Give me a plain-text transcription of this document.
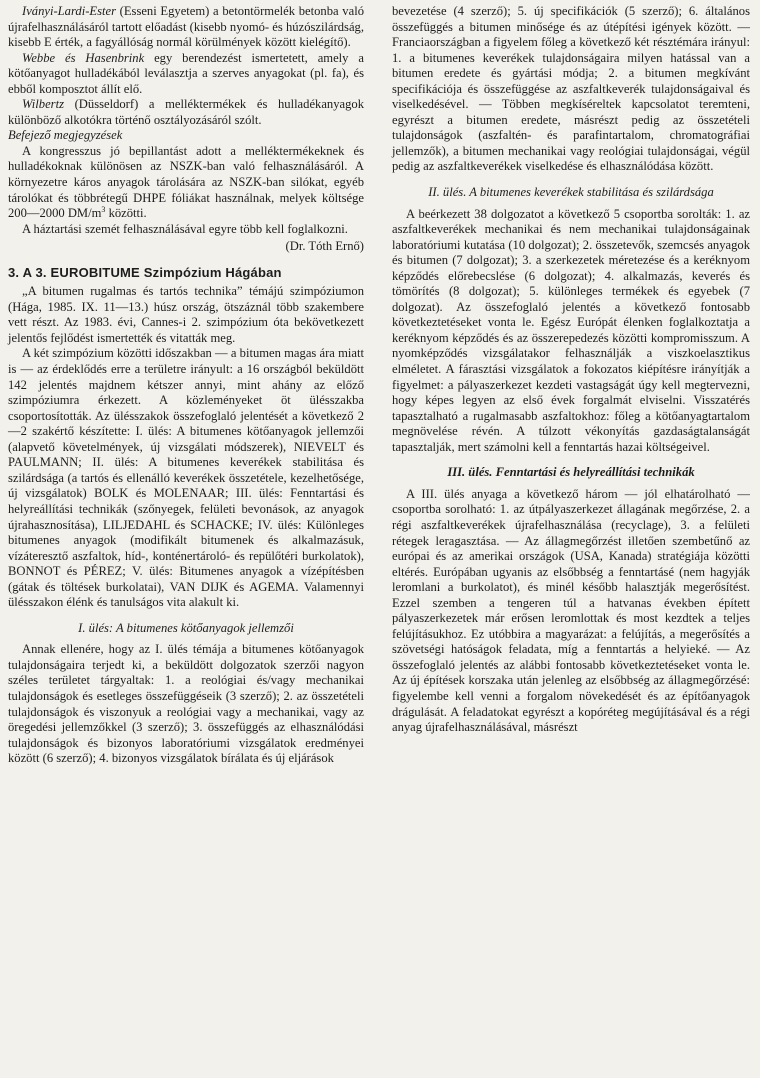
Iványi-Lardi-Ester (Esseni Egyetem) a betontörmelék betonba való újrafelhasználásáról tartott előadást (kisebb nyomó- és húzószilárdság, kisebb E érték, a fagyállóság normál körülmények között kielégítő).

Webbe és Hasenbrink egy berendezést ismertetett, amely a kötőanyagot hulladékából leválasztja a szerves anyagokat (pl. fa), és ebből komposztot állít elő.

Wilbertz (Düsseldorf) a melléktermékek és hulladékanyagok különböző alkotókra történő osztályozásáról szólt.

Befejező megjegyzések

A kongresszus jó bepillantást adott a melléktermékeknek és hulladékoknak különösen az NSZK-ban való felhasználásáról. A környezetre káros anyagok tárolására az NSZK-ban silókat, egyéb tárolókat és többrétegű DHPE fóliákat használnak, melyek költsége 200—2000 $DM/m^3$ közötti.

A háztartási szemét felhasználásával egyre több kell foglalkozni.

(Dr. Tóth Ernő)
3. A 3. EUROBITUME Szimpózium Hágában

„A bitumen rugalmas és tartós technika” témájú szimpóziumon (Hága, 1985. IX. 11—13.) húsz ország, ötszáznál több szakembere vett részt. Az 1983. évi, Cannes-i 2. szimpózium óta bekövetkezett jelentős fejlődést ismertették és vitatták meg.

A két szimpózium közötti időszakban — a bitumen magas ára miatt is — az érdeklődés erre a területre irányult: a 16 országból beküldött 142 jelentés majdnem kétszer annyi, mint ahány az előző szimpóziumra érkezett. A közleményeket öt ülésszakba csoportosították. Az ülésszakok összefoglaló jelentését a következő 2—2 szakértő készítette: I. ülés: A bitumenes kötőanyagok jellemzői (alapvető követelmények, új vizsgálati módszerek), NIEVELT és PAULMANN; II. ülés: A bitumenes keverékek stabilitása és szilárdsága (a tartós és ellenálló keverékek összetétele, kezelhetősége, új vizsgálatok) BOLK és MOLENAAR; III. ülés: Fenntartási és helyreállítási technikák (szőnyegek, felületi bevonások, az anyagok újrahasznosítása), LILJEDAHL és SCHACKE; IV. ülés: Különleges bitumenes anyagok (modifikált bitumenek és alkalmazásuk, vízáteresztő aszfaltok, híd-, konténertároló- és repülőtéri burkolatok), BONNOT és PÉREZ; V. ülés: Bitumenes anyagok a vízépítésben (gátak és töltések burkolatai), VAN DIJK és AGEMA. Valamennyi ülésszakon élénk és tanulságos vita alakult ki.

I. ülés: A bitumenes kötőanyagok jellemzői

Annak ellenére, hogy az I. ülés témája a bitumenes kötőanyagok tulajdonságaira terjedt ki, a beküldött dolgozatok szerzői nagyon széles területet tárgyaltak: 1. a reológiai és/vagy mechanikai tulajdonságok és esetleges összefüggéseik (3 szerző); 2. az összetételi tulajdonságok és viszonyuk a reológiai vagy a mechanikai, vagy az öregedési jellemzőkkel (3 szerző); 3. összefüggés az elhasználódási tulajdonságok és bizonyos laboratóriumi vizsgálatok eredményei között (6 szerző); 4. bizonyos vizsgálatok bírálata és új eljárások

bevezetése (4 szerző); 5. új specifikációk (5 szerző); 6. általános összefüggés a bitumen minősége és az útépítési igények között. — Franciaországban a figyelem főleg a következő két résztémára irányul: 1. a bitumenes keverékek tulajdonságaira milyen hatással van a bitumen eredete és gyártási módja; 2. a bitumen megkívánt specifikációja és összefüggése az aszfaltkeverék tulajdonságaival és viselkedésével. — Többen megkíséreltek kapcsolatot teremteni, egyrészt a bitumen eredete, másrészt pedig az összetételi tulajdonságok (aszfaltén- és parafintartalom, chromatográfiai jellemzők), a bitumen mechanikai vagy reológiai tulajdonságai, végül pedig az aszfaltkeverékek viselkedése és elhasználódása között.

II. ülés. A bitumenes keverékek stabilitása és szilárdsága

A beérkezett 38 dolgozatot a következő 5 csoportba sorolták: 1. az aszfaltkeverékek mechanikai és nem mechanikai tulajdonságainak laboratóriumi kutatása (10 dolgozat); 2. összetevők, szemcsés anyagok és bitumen (7 dolgozat); 3. a szerkezetek méretezése és a keréknyom képződés előrebecslése (6 dolgozat); 4. alkalmazás, keverés és tömörítés (8 dolgozat); 5. különleges termékek és egyebek (7 dolgozat). Az összefoglaló jelentés a következő fontosabb következtetéseket vonta le. Egész Európát élenken foglalkoztatja a keréknyom képződés és az összerepedezés közötti kompromisszum. A nyomképződés vizsgálatakor felhasználják a viszkoelasztikus elméletet. A fárasztási vizsgálatok a fokozatos kiépítésre irányítják a figyelmet: a pályaszerkezet kezdeti vastagságát úgy kell megtervezni, hogy képes legyen az első évek forgalmát elviselni. Visszatérés tapasztalható a rugalmasabb aszfaltokhoz: főleg a kötőanyagtartalom megnövelése révén. A túlzott vékonyítás gazdaságtalanságát tapasztalják, mert számolni kell a fenntartás hazai költségeivel.

III. ülés. Fenntartási és helyreállítási technikák

A III. ülés anyaga a következő három — jól elhatárolható — csoportba sorolható: 1. az útpályaszerkezet állagának megőrzése, 2. a régi aszfaltkeverékek újrafelhasználása (recyclage), 3. a felületi rétegek leragasztása. — Az állagmegőrzést illetően szembetűnő az európai és az amerikai országok (USA, Kanada) stratégiája közötti eltérés. Európában ugyanis az elsőbbség a fenntartásé (nem hagyják leromlani a burkolatot), és minél később halasztják megerősítést. Ezzel szemben a tengeren túl a hatvanas években épített pályaszerkezetek már erősen leromlottak és most kezdtek a teljes felújításukhoz. Ez utóbbira a magyarázat: a felújítás, a megerősítés a szövetségi hatóságok feladata, míg a fenntartás a helyieké. — Az összefoglaló jelentés az alábbi fontosabb következtetéseket vonta le. Az új építések korszaka után jelenleg az elsőbbség az állagmegőrzésé: figyelembe kell venni a forgalom növekedését és az építőanyagok drágulását. A feladatokat egyrészt a kopóréteg megújításával és a régi anyag újrafelhasználásával, másrészt
